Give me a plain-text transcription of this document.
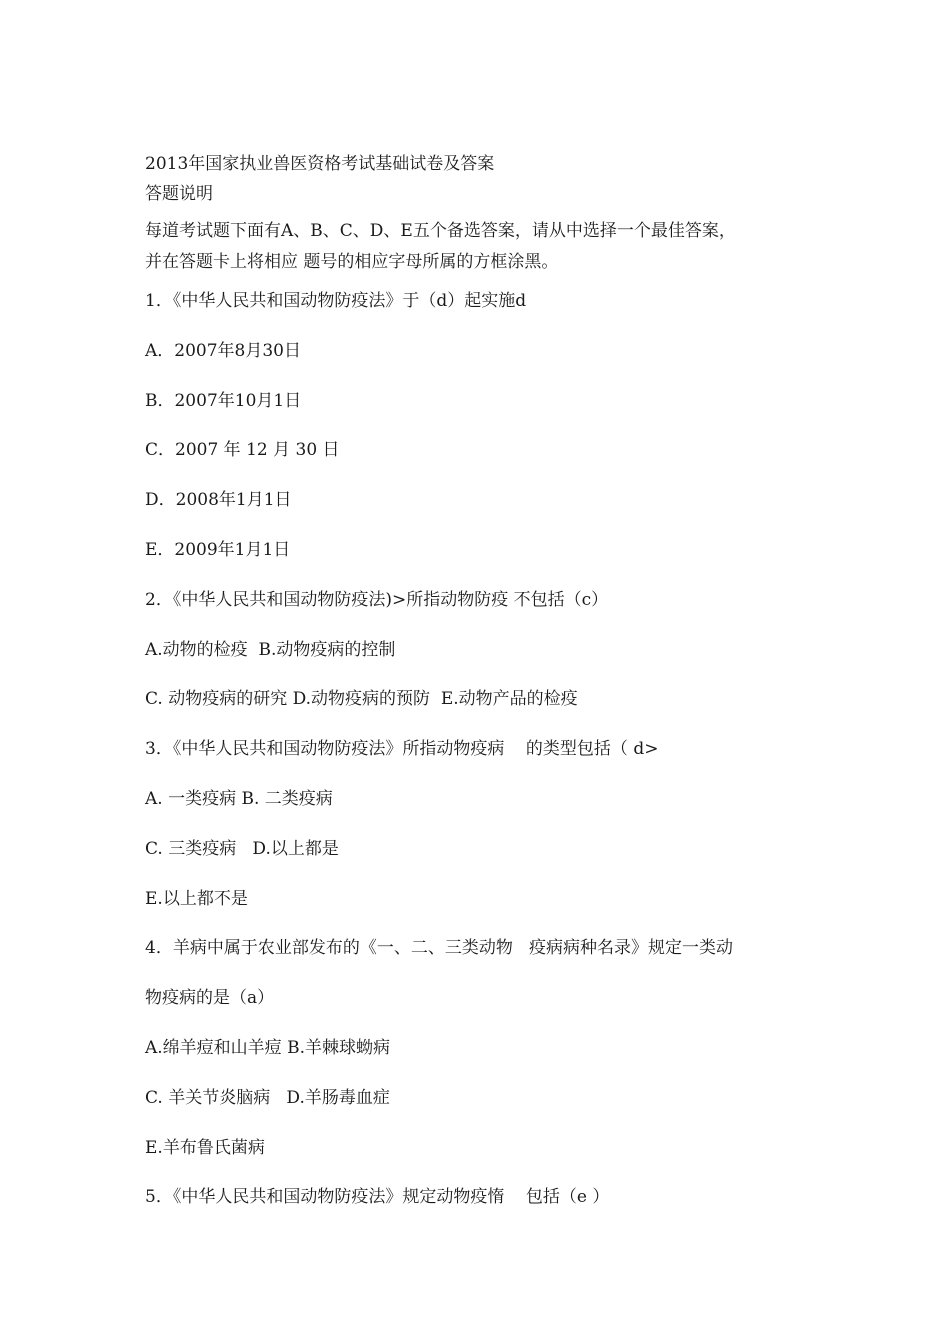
2013年国家执业兽医资格考试基础试卷及答案
答题说明
每道考试题下面有A、B、C、D、E五个备选答案，请从中选择一个最佳答案，
并在答题卡上将相应 题号的相应字母所属的方框涂黑。
1．《中华人民共和国动物防疫法》于（d）起实施d
A．2007年8月30日
B．2007年10月1日
C．2007 年 12 月 30 日
D．2008年1月1日
E．2009年1月1日
2．《中华人民共和国动物防疫法)>所指动物防疫 不包括（c）
A.动物的检疫  B.动物疫病的控制
C. 动物疫病的研究 D.动物疫病的预防  E.动物产品的检疫
3．《中华人民共和国动物防疫法》所指动物疫病    的类型包括（ d>
A. 一类疫病 B. 二类疫病
C. 三类疫病   D.以上都是
E.以上都不是
4．羊病中属于农业部发布的《一、二、三类动物   疫病病种名录》规定一类动
物疫病的是（a）
A.绵羊痘和山羊痘 B.羊棘球蚴病
C. 羊关节炎脑病   D.羊肠毒血症
E.羊布鲁氏菌病
5．《中华人民共和国动物防疫法》规定动物疫惰    包括（e ）
